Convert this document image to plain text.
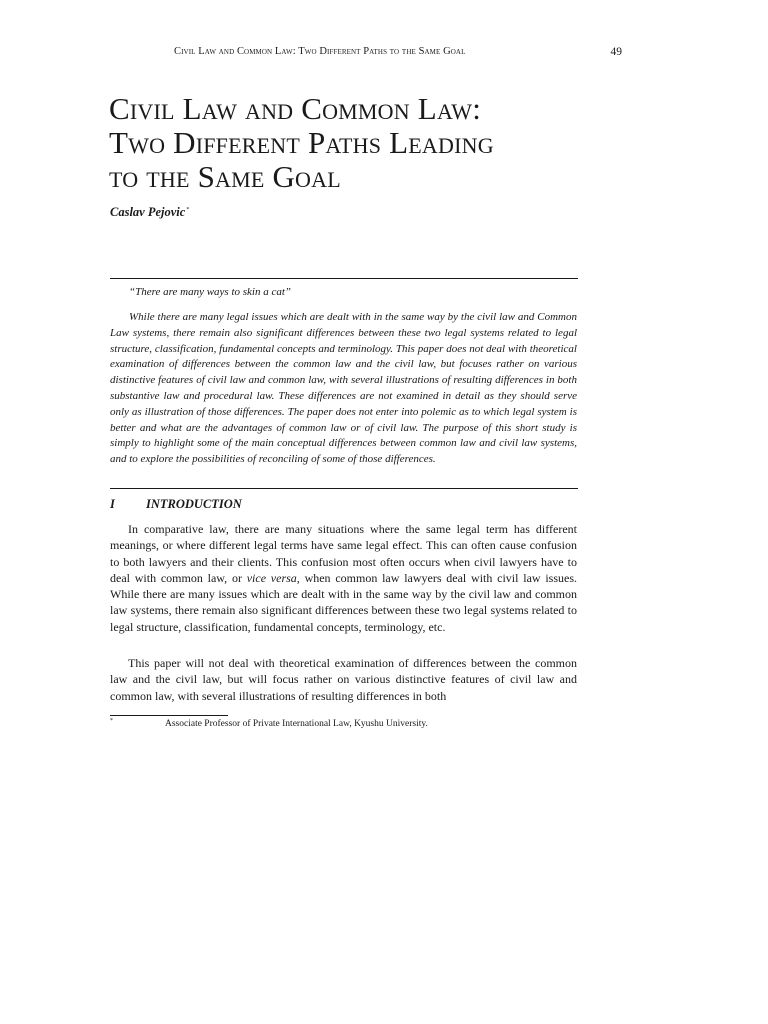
Civil Law and Common Law: Two Different Paths to the Same Goal	49
Civil Law and Common Law:
Two Different Paths Leading
to the Same Goal
Caslav Pejovic*

“There are many ways to skin a cat”

While there are many legal issues which are dealt with in the same way by the civil law and Common Law systems, there remain also significant differences between these two legal systems related to legal structure, classification, fundamental concepts and terminology. This paper does not deal with theoretical examination of differences between the common law and the civil law, but focuses rather on various distinctive features of civil law and common law, with several illustrations of resulting differences in both substantive law and procedural law. These differences are not examined in detail as they should serve only as illustration of those differences. The paper does not enter into polemic as to which legal system is better and what are the advantages of common law or of civil law. The purpose of this short study is simply to highlight some of the main conceptual differences between common law and civil law systems, and to explore the possibilities of reconciling of some of those differences.

I INTRODUCTION

In comparative law, there are many situations where the same legal term has different meanings, or where different legal terms have same legal effect. This can often cause confusion to both lawyers and their clients. This confusion most often occurs when civil lawyers have to deal with common law, or vice versa, when common law lawyers deal with civil law issues. While there are many issues which are dealt with in the same way by the civil law and common law systems, there remain also significant differences between these two legal systems related to legal structure, classification, fundamental concepts, terminology, etc.

This paper will not deal with theoretical examination of differences between the common law and the civil law, but will focus rather on various distinctive features of civil law and common law, with several illustrations of resulting differences in both

*	Associate Professor of Private International Law, Kyushu University.
